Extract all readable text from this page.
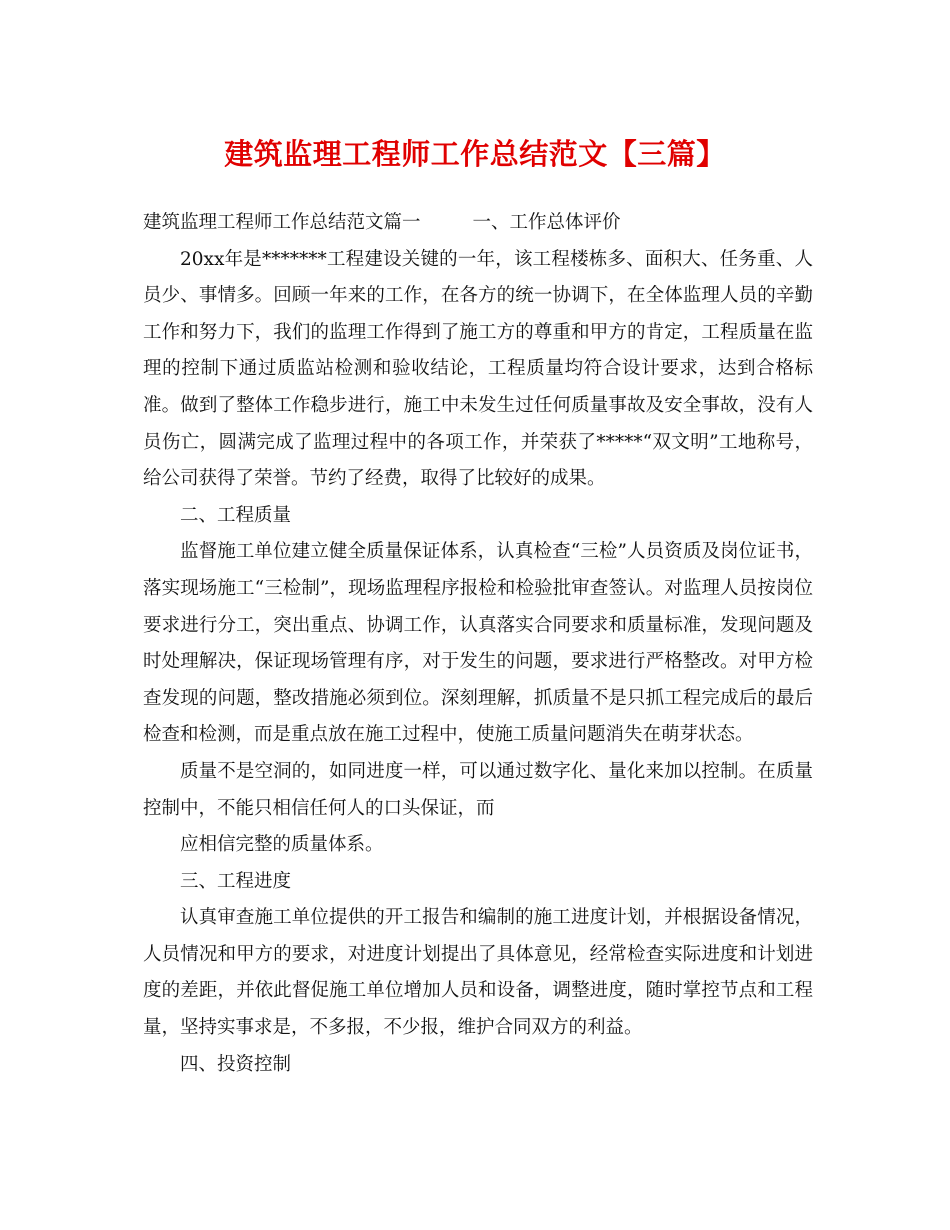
建筑监理工程师工作总结范文【三篇】

建筑监理工程师工作总结范文篇一	一、工作总体评价

20xx年是*******工程建设关键的一年，该工程楼栋多、面积大、任务重、人员少、事情多。回顾一年来的工作，在各方的统一协调下，在全体监理人员的辛勤工作和努力下，我们的监理工作得到了施工方的尊重和甲方的肯定，工程质量在监理的控制下通过质监站检测和验收结论，工程质量均符合设计要求，达到合格标准。做到了整体工作稳步进行，施工中未发生过任何质量事故及安全事故，没有人员伤亡，圆满完成了监理过程中的各项工作，并荣获了*****“双文明”工地称号，给公司获得了荣誉。节约了经费，取得了比较好的成果。

二、工程质量

监督施工单位建立健全质量保证体系，认真检查“三检”人员资质及岗位证书，落实现场施工“三检制”，现场监理程序报检和检验批审查签认。对监理人员按岗位要求进行分工，突出重点、协调工作，认真落实合同要求和质量标准，发现问题及时处理解决，保证现场管理有序，对于发生的问题，要求进行严格整改。对甲方检查发现的问题，整改措施必须到位。深刻理解，抓质量不是只抓工程完成后的最后检查和检测，而是重点放在施工过程中，使施工质量问题消失在萌芽状态。

质量不是空洞的，如同进度一样，可以通过数字化、量化来加以控制。在质量控制中，不能只相信任何人的口头保证，而

应相信完整的质量体系。

三、工程进度

认真审查施工单位提供的开工报告和编制的施工进度计划，并根据设备情况，人员情况和甲方的要求，对进度计划提出了具体意见，经常检查实际进度和计划进度的差距，并依此督促施工单位增加人员和设备，调整进度，随时掌控节点和工程量，坚持实事求是，不多报，不少报，维护合同双方的利益。

四、投资控制
